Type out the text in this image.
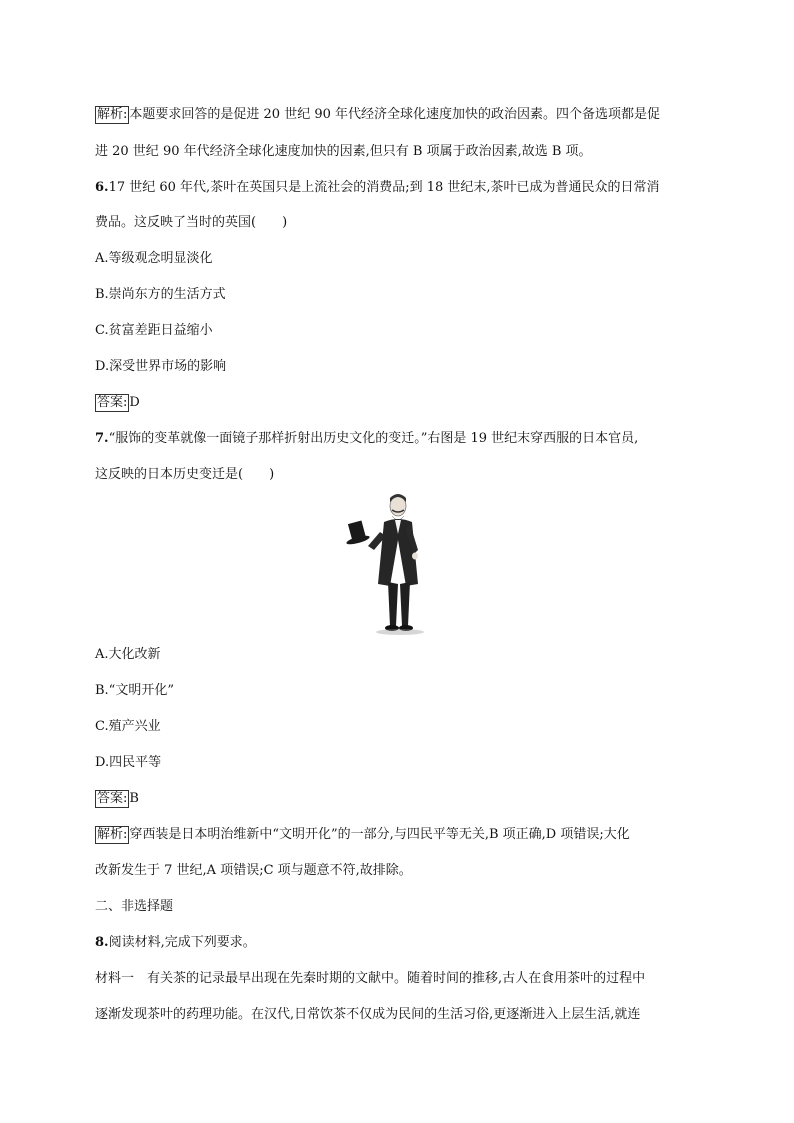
解析: 本题要求回答的是促进 20 世纪 90 年代经济全球化速度加快的政治因素。四个备选项都是促
进 20 世纪 90 年代经济全球化速度加快的因素,但只有 B 项属于政治因素,故选 B 项。
6.17 世纪 60 年代,茶叶在英国只是上流社会的消费品;到 18 世纪末,茶叶已成为普通民众的日常消
费品。这反映了当时的英国(　　)
A.等级观念明显淡化
B.崇尚东方的生活方式
C.贫富差距日益缩小
D.深受世界市场的影响
答案: D
7.“服饰的变革就像一面镜子那样折射出历史文化的变迁。”右图是 19 世纪末穿西服的日本官员,
这反映的日本历史变迁是(　　)
A.大化改新
B.“文明开化”
C.殖产兴业
D.四民平等
答案: B
解析: 穿西装是日本明治维新中“文明开化”的一部分,与四民平等无关,B 项正确,D 项错误;大化
改新发生于 7 世纪,A 项错误;C 项与题意不符,故排除。
二、非选择题
8.阅读材料,完成下列要求。
材料一　有关茶的记录最早出现在先秦时期的文献中。随着时间的推移,古人在食用茶叶的过程中
逐渐发现茶叶的药理功能。在汉代,日常饮茶不仅成为民间的生活习俗,更逐渐进入上层生活,就连
